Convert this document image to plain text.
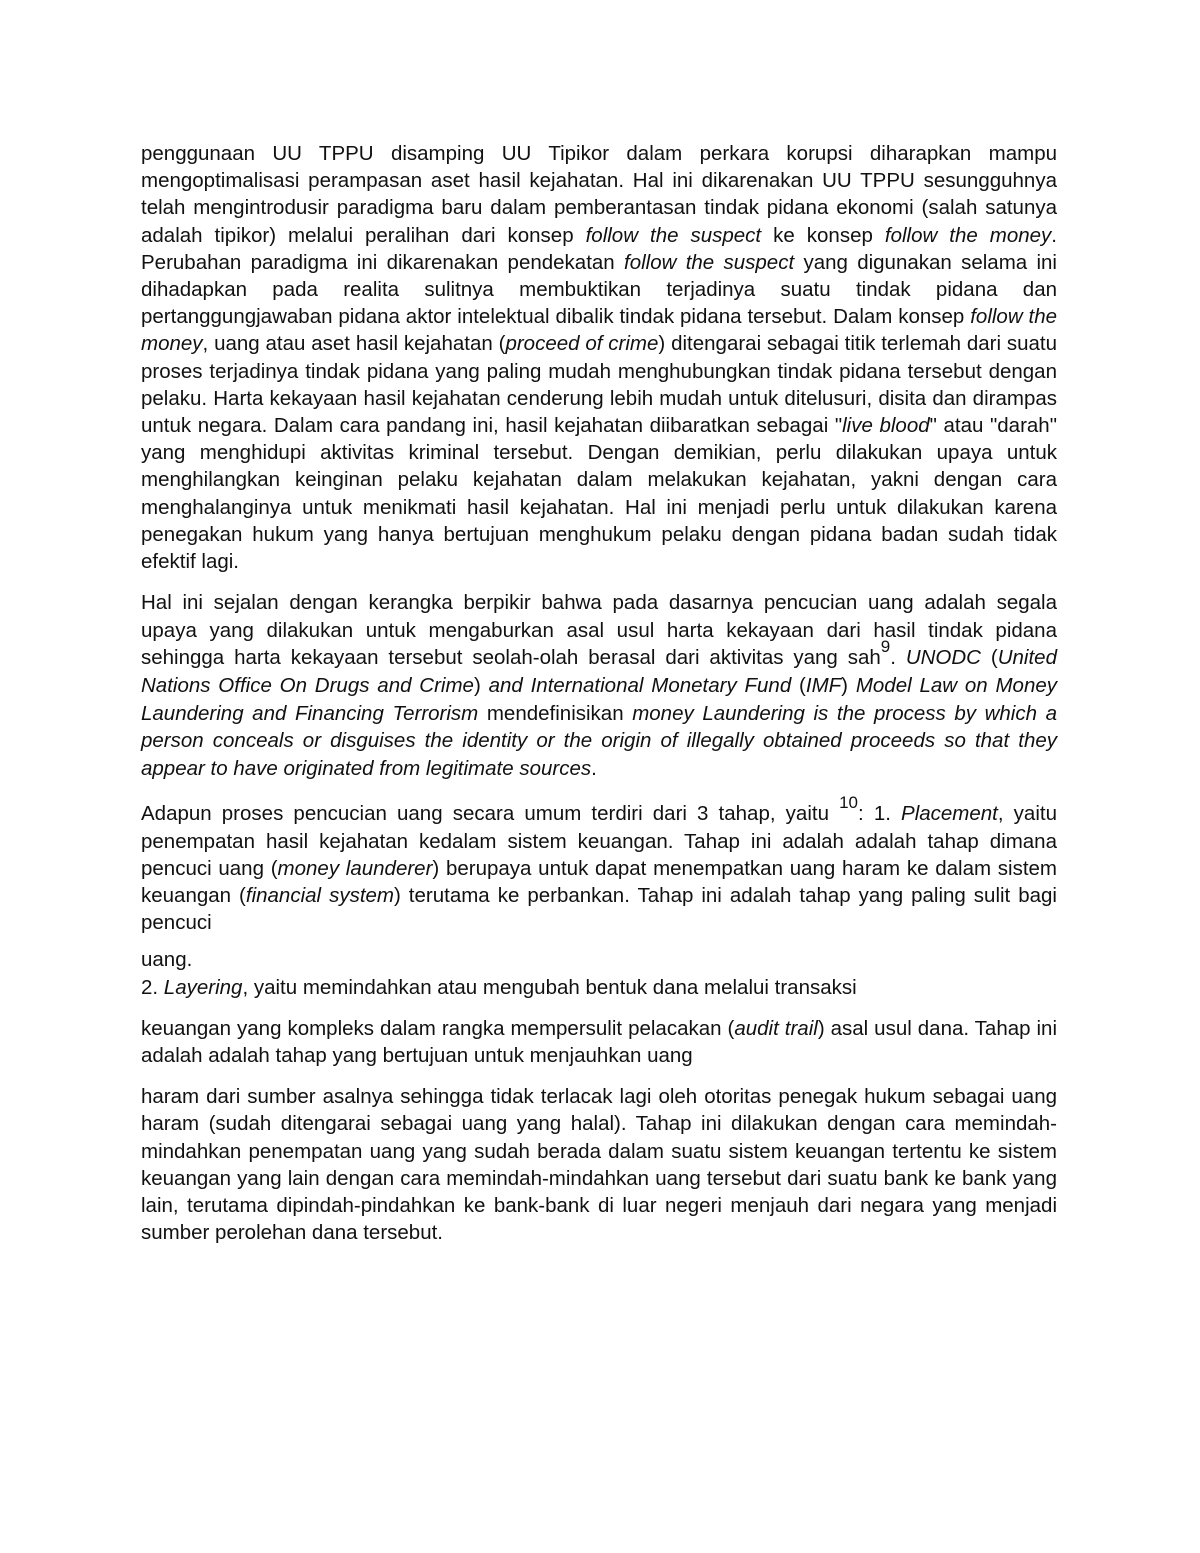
penggunaan UU TPPU disamping UU Tipikor dalam perkara korupsi diharapkan mampu mengoptimalisasi perampasan aset hasil kejahatan. Hal ini dikarenakan UU TPPU sesungguhnya telah mengintrodusir paradigma baru dalam pemberantasan tindak pidana ekonomi (salah satunya adalah tipikor) melalui peralihan dari konsep follow the suspect ke konsep follow the money. Perubahan paradigma ini dikarenakan pendekatan follow the suspect yang digunakan selama ini dihadapkan pada realita sulitnya membuktikan terjadinya suatu tindak pidana dan pertanggungjawaban pidana aktor intelektual dibalik tindak pidana tersebut. Dalam konsep follow the money, uang atau aset hasil kejahatan (proceed of crime) ditengarai sebagai titik terlemah dari suatu proses terjadinya tindak pidana yang paling mudah menghubungkan tindak pidana tersebut dengan pelaku. Harta kekayaan hasil kejahatan cenderung lebih mudah untuk ditelusuri, disita dan dirampas untuk negara. Dalam cara pandang ini, hasil kejahatan diibaratkan sebagai "live blood" atau "darah" yang menghidupi aktivitas kriminal tersebut. Dengan demikian, perlu dilakukan upaya untuk menghilangkan keinginan pelaku kejahatan dalam melakukan kejahatan, yakni dengan cara menghalanginya untuk menikmati hasil kejahatan. Hal ini menjadi perlu untuk dilakukan karena penegakan hukum yang hanya bertujuan menghukum pelaku dengan pidana badan sudah tidak efektif lagi.

Hal ini sejalan dengan kerangka berpikir bahwa pada dasarnya pencucian uang adalah segala upaya yang dilakukan untuk mengaburkan asal usul harta kekayaan dari hasil tindak pidana sehingga harta kekayaan tersebut seolah-olah berasal dari aktivitas yang sah$^9$. UNODC (United Nations Office On Drugs and Crime) and International Monetary Fund (IMF) Model Law on Money Laundering and Financing Terrorism mendefinisikan money Laundering is the process by which a person conceals or disguises the identity or the origin of illegally obtained proceeds so that they appear to have originated from legitimate sources.

Adapun proses pencucian uang secara umum terdiri dari 3 tahap, yaitu $^{10}$: 1. Placement, yaitu penempatan hasil kejahatan kedalam sistem keuangan. Tahap ini adalah adalah tahap dimana pencuci uang (money launderer) berupaya untuk dapat menempatkan uang haram ke dalam sistem keuangan (financial system) terutama ke perbankan. Tahap ini adalah tahap yang paling sulit bagi pencuci

uang.
2. Layering, yaitu memindahkan atau mengubah bentuk dana melalui transaksi

keuangan yang kompleks dalam rangka mempersulit pelacakan (audit trail) asal usul dana. Tahap ini adalah adalah tahap yang bertujuan untuk menjauhkan uang

haram dari sumber asalnya sehingga tidak terlacak lagi oleh otoritas penegak hukum sebagai uang haram (sudah ditengarai sebagai uang yang halal). Tahap ini dilakukan dengan cara memindah-mindahkan penempatan uang yang sudah berada dalam suatu sistem keuangan tertentu ke sistem keuangan yang lain dengan cara memindah-mindahkan uang tersebut dari suatu bank ke bank yang lain, terutama dipindah-pindahkan ke bank-bank di luar negeri menjauh dari negara yang menjadi sumber perolehan dana tersebut.
